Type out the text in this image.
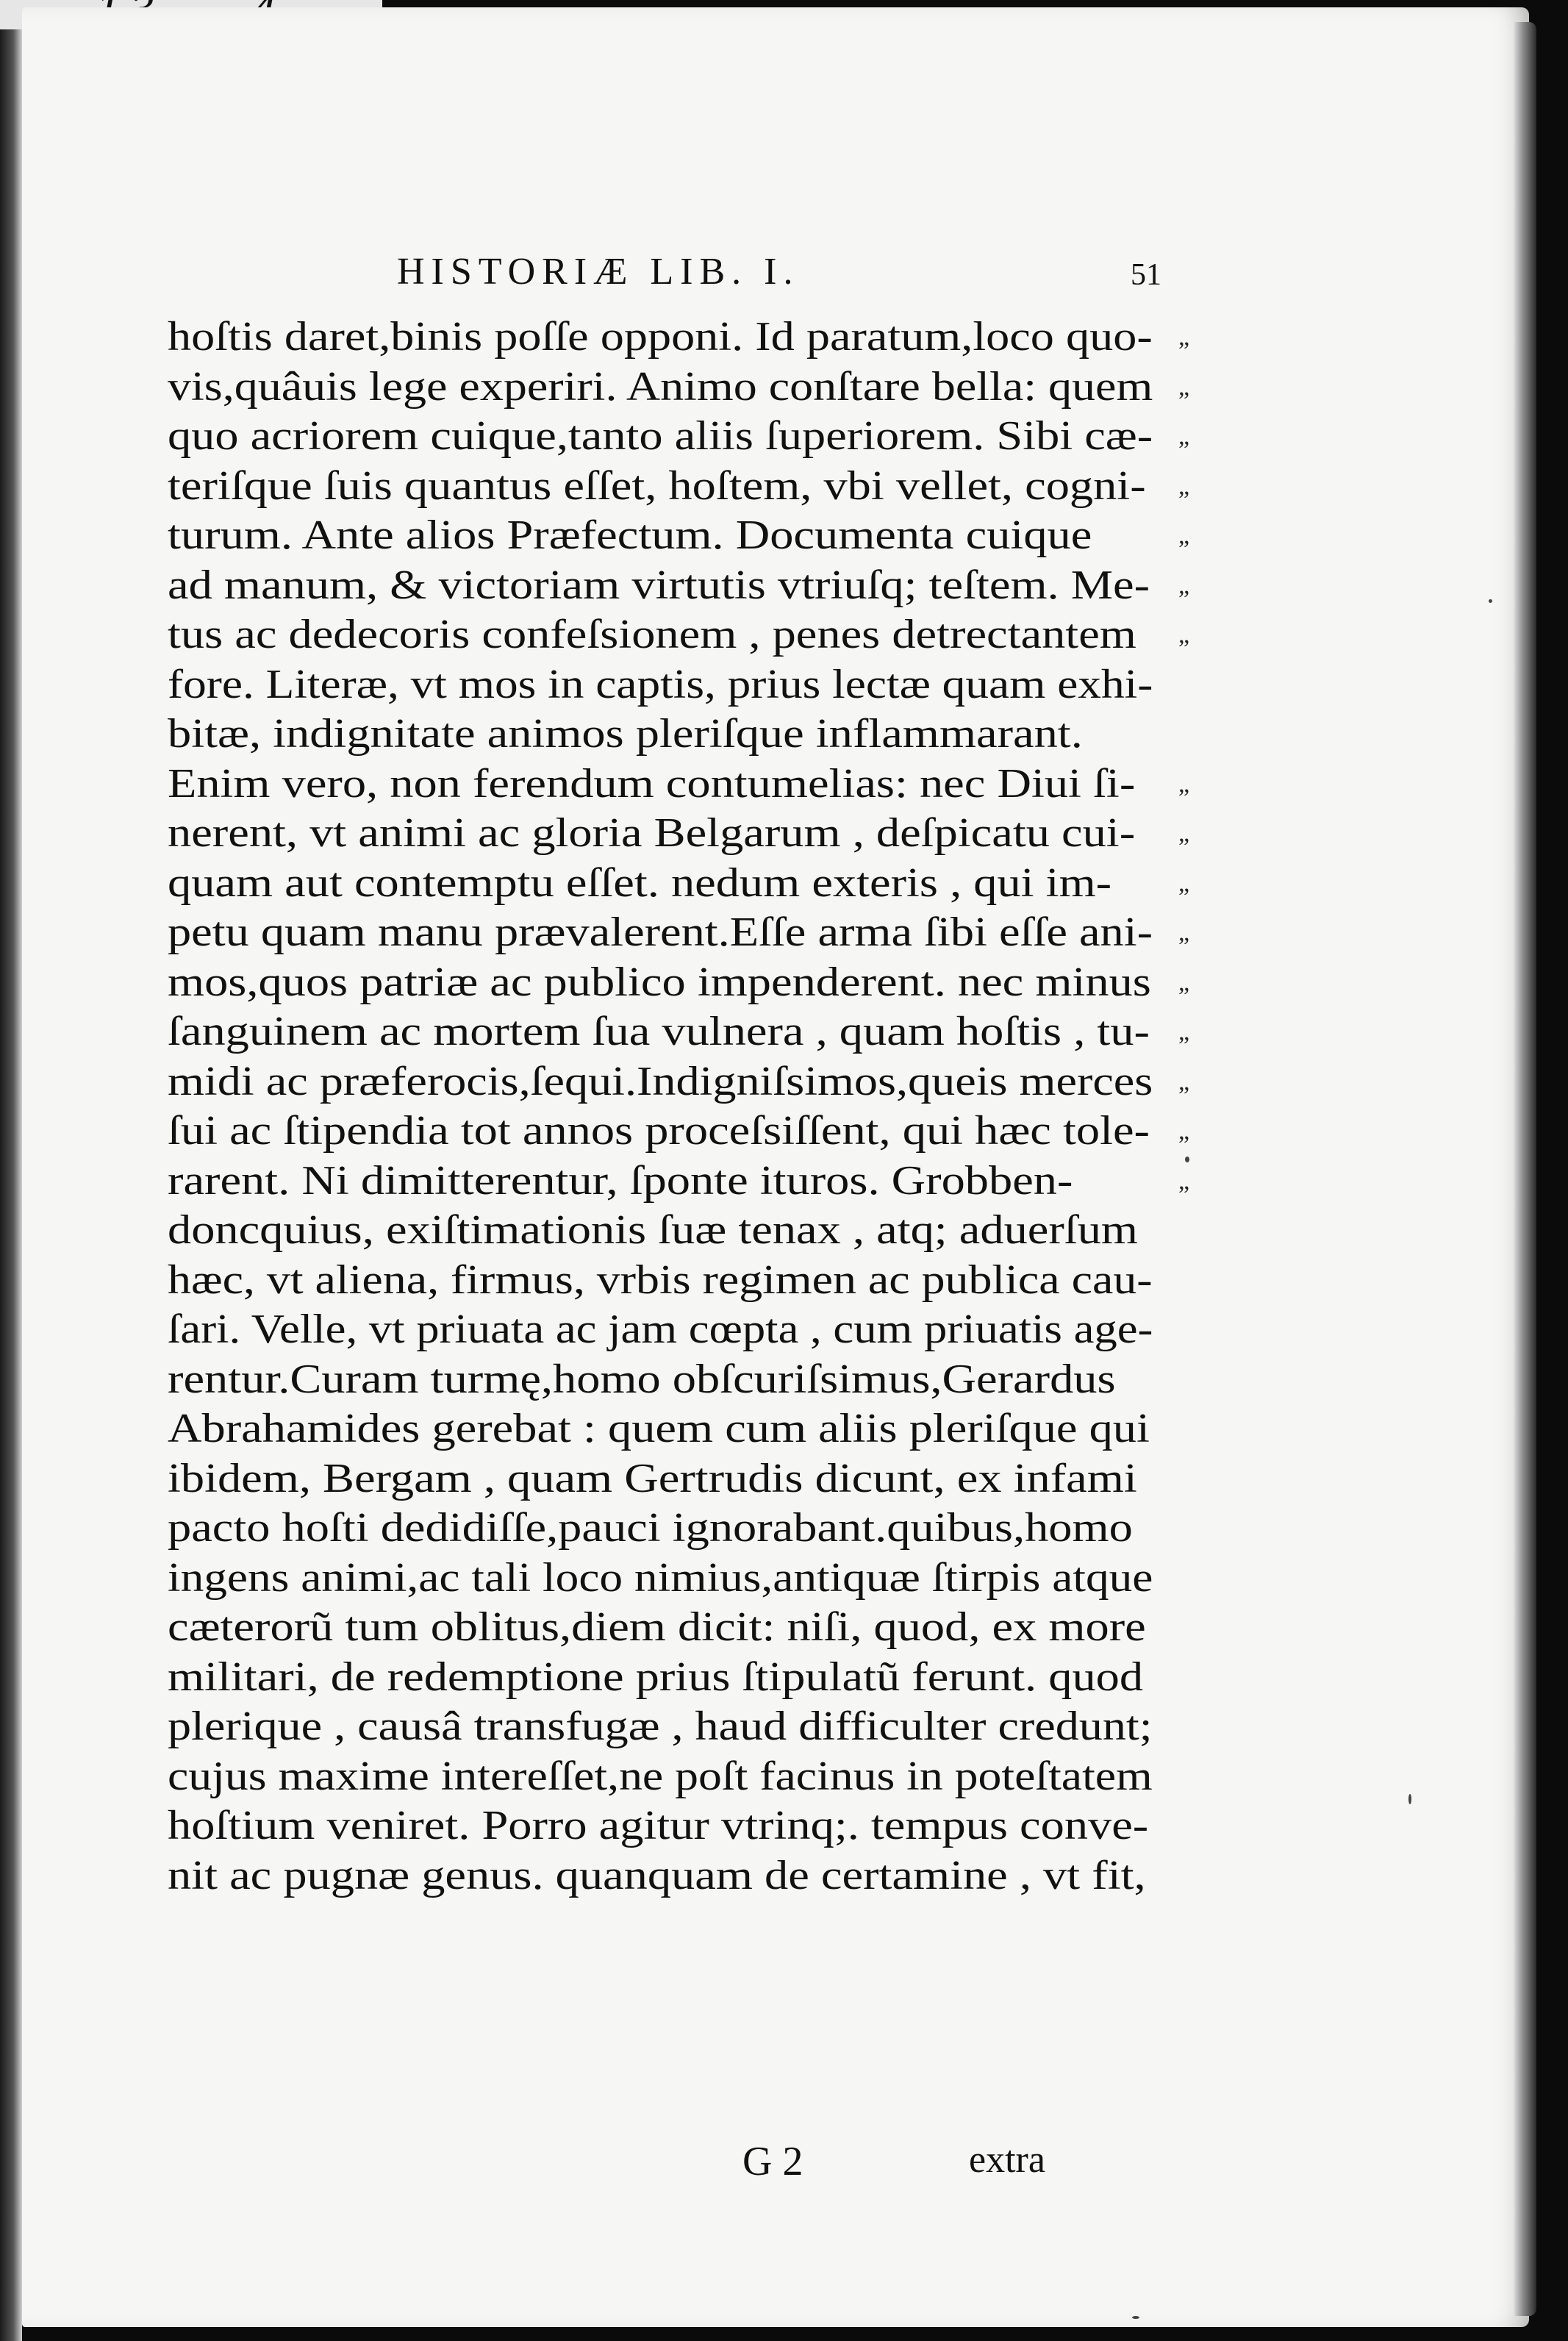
HISTORIÆ LIB. I.	51
hoſtis daret,binis poſſe opponi. Id paratum,loco quo- „
vis,quâuis lege experiri. Animo conſtare bella: quem „
quo acriorem cuique,tanto aliis ſuperiorem. Sibi cæ- „
teriſque ſuis quantus eſſet, hoſtem, vbi vellet, cogni- „
turum. Ante alios Præfectum. Documenta cuique	„
ad manum, & victoriam virtutis vtriuſq; teſtem. Me- „
tus ac dedecoris confeſsionem , penes detrectantem „
fore. Literæ, vt mos in captis, prius lectæ quam exhi-
bitæ, indignitate animos pleriſque inflammarant.
Enim vero, non ferendum contumelias: nec Diui ſi- „
nerent, vt animi ac gloria Belgarum , deſpicatu cui- „
quam aut contemptu eſſet. nedum exteris , qui im-	„
petu quam manu prævalerent.Eſſe arma ſibi eſſe ani- „
mos,quos patriæ ac publico impenderent. nec minus „
ſanguinem ac mortem ſua vulnera , quam hoſtis , tu- „
midi ac præferocis,ſequi.Indigniſsimos,queis merces „
ſui ac ſtipendia tot annos proceſsiſſent, qui hæc tole- „
rarent. Ni dimitterentur, ſponte ituros. Grobben-	„
doncquius, exiſtimationis ſuæ tenax , atq; aduerſum
hæc, vt aliena, firmus, vrbis regimen ac publica cau-
ſari. Velle, vt priuata ac jam cœpta , cum priuatis age-
rentur.Curam turmę,homo obſcuriſsimus,Gerardus
Abrahamides gerebat : quem cum aliis pleriſque qui
ibidem, Bergam , quam Gertrudis dicunt, ex infami
pacto hoſti dedidiſſe,pauci ignorabant.quibus,homo
ingens animi,ac tali loco nimius,antiquæ ſtirpis atque
cæterorũ tum oblitus,diem dicit: niſi, quod, ex more
militari, de redemptione prius ſtipulatũ ferunt. quod
plerique , causâ transfugæ , haud difficulter credunt;
cujus maxime intereſſet,ne poſt facinus in poteſtatem
hoſtium veniret. Porro agitur vtrinq;. tempus conve-
nit ac pugnæ genus. quanquam de certamine , vt fit,
G 2	extra
